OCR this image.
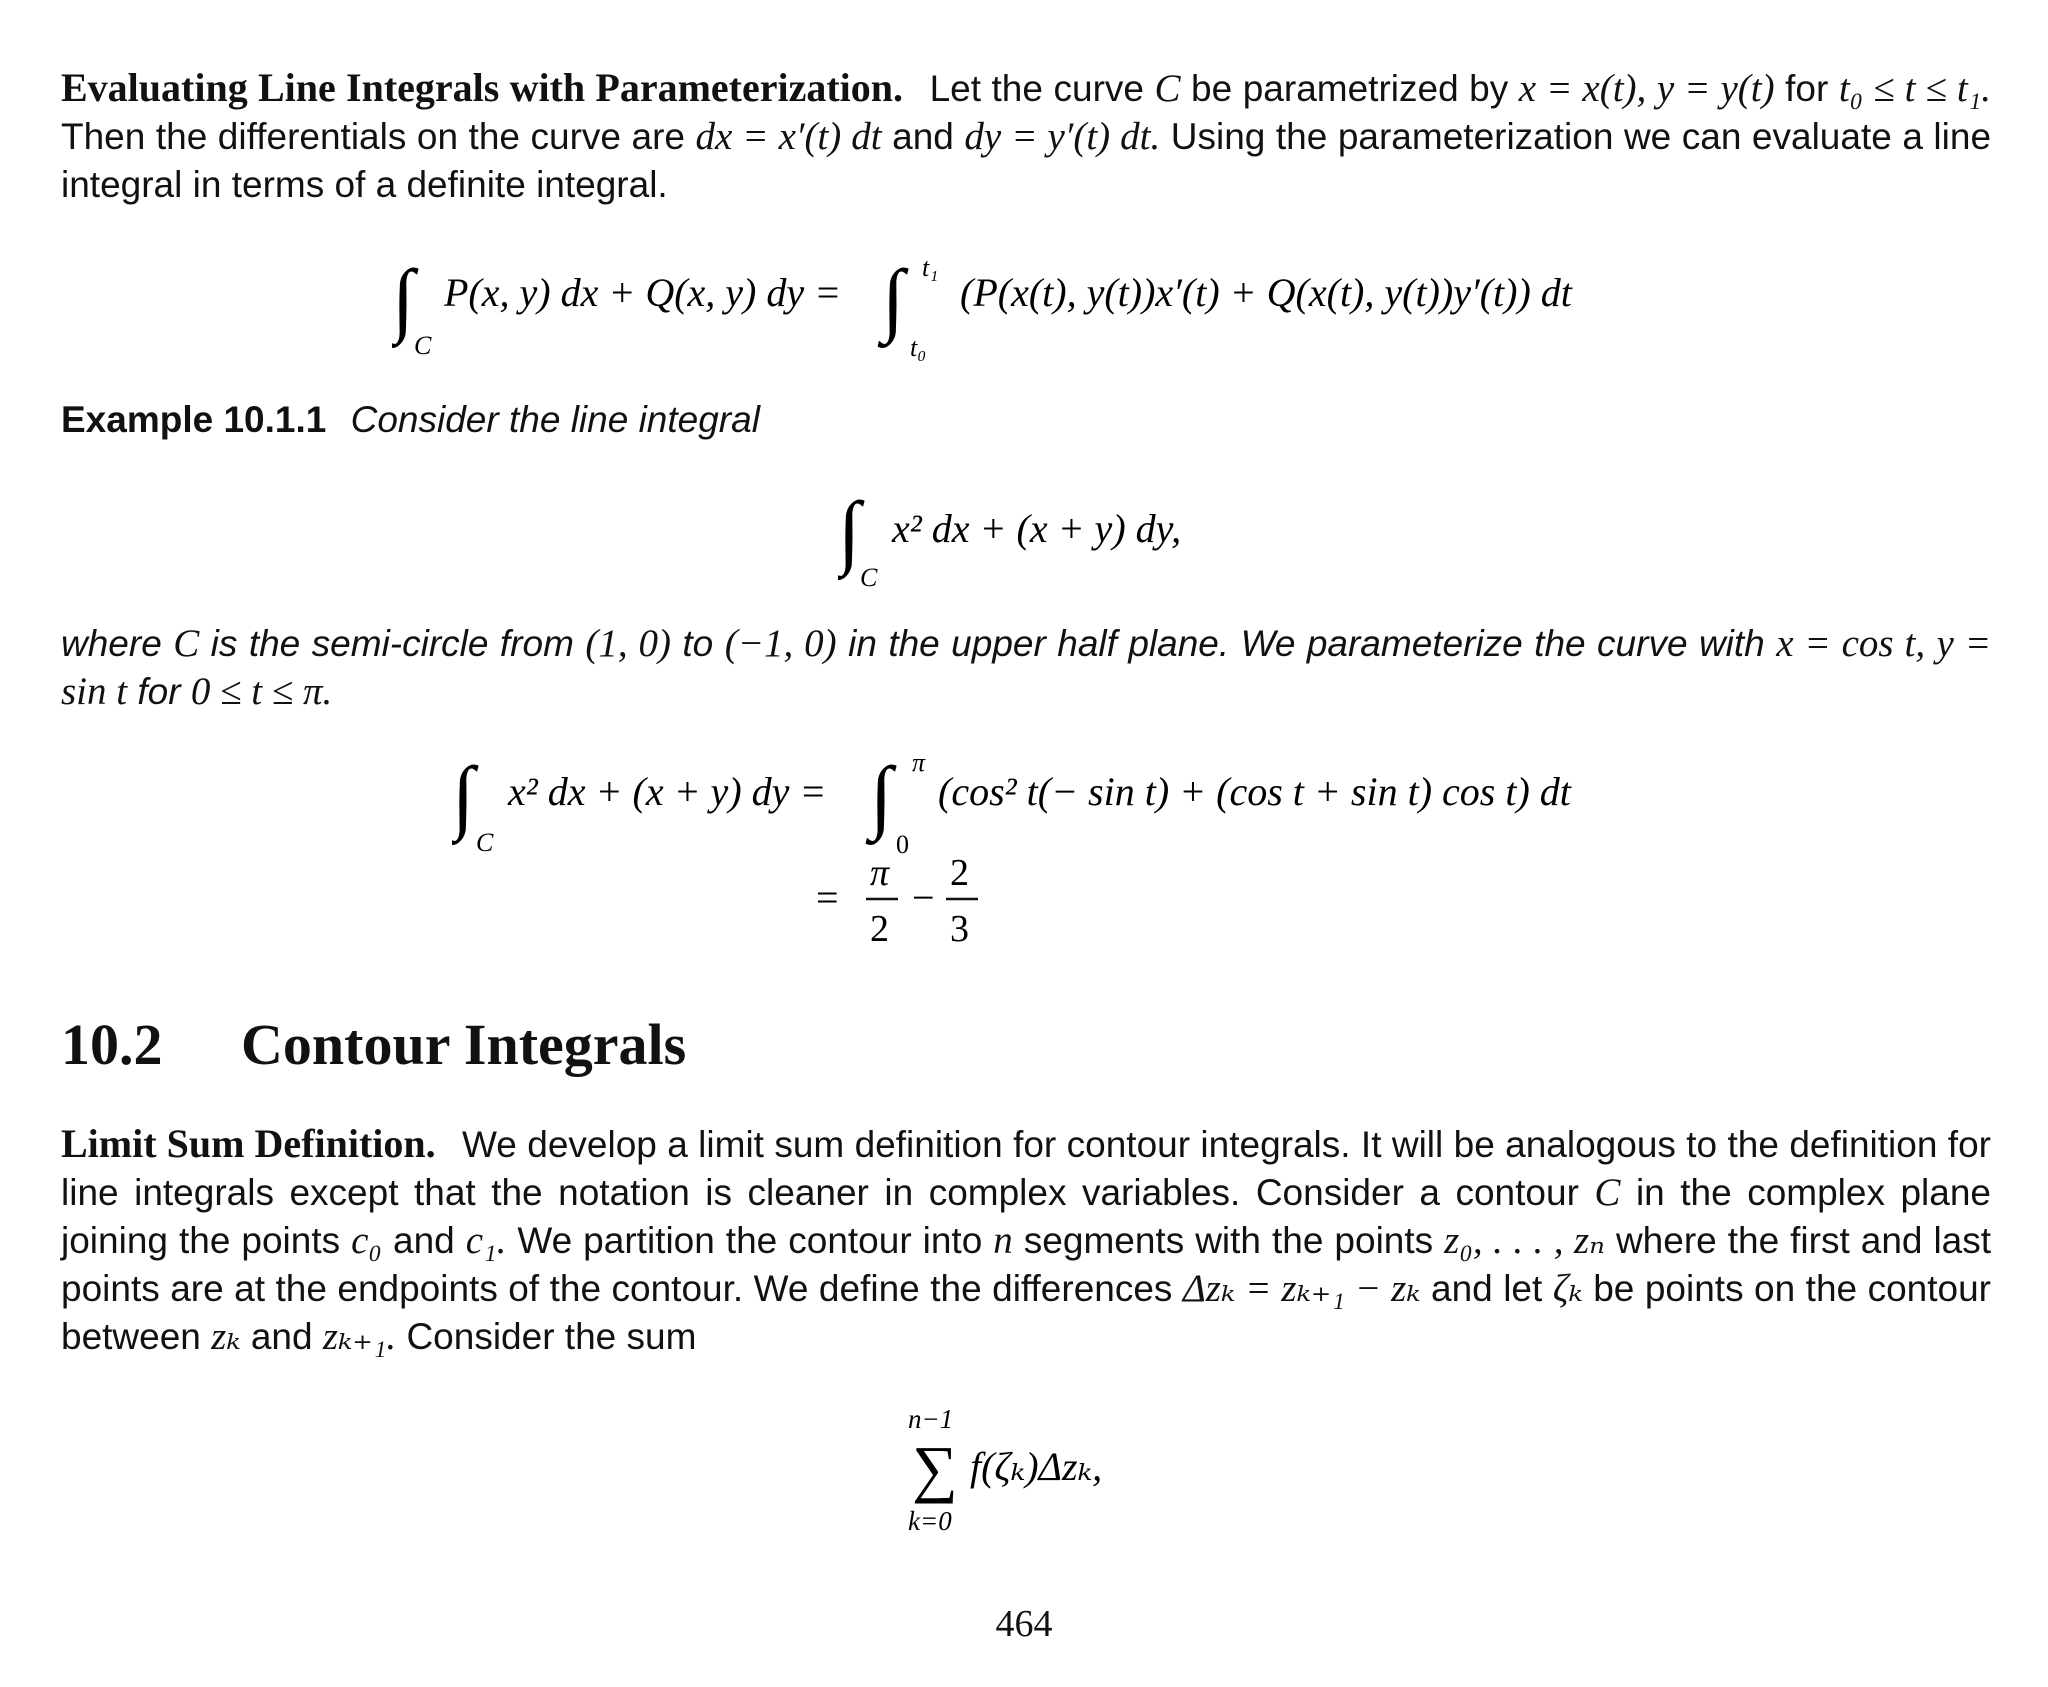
Evaluating Line Integrals with Parameterization. Let the curve C be parametrized by x = x(t), y = y(t) for t₀ ≤ t ≤ t₁. Then the differentials on the curve are dx = x′(t) dt and dy = y′(t) dt. Using the parameterization we can evaluate a line integral in terms of a definite integral.
∫
C
P(x, y) dx + Q(x, y) dy = ∫ t₁
t₀
(P(x(t), y(t))x′(t) + Q(x(t), y(t))y′(t)) dt
Example 10.1.1 Consider the line integral
∫
C
x² dx + (x + y) dy,
where C is the semi-circle from (1, 0) to (−1, 0) in the upper half plane. We parameterize the curve with x = cos t, y = sin t for 0 ≤ t ≤ π.
∫
C
x² dx + (x + y) dy = ∫ π
0
(cos² t(− sin t) + (cos t + sin t) cos t) dt
=
π
2
−
2
3
10.2 Contour Integrals
Limit Sum Definition. We develop a limit sum definition for contour integrals. It will be analogous to the definition for line integrals except that the notation is cleaner in complex variables. Consider a contour C in the complex plane joining the points c₀ and c₁. We partition the contour into n segments with the points z₀, . . . , zₙ where the first and last points are at the endpoints of the contour. We define the differences Δzₖ = zₖ₊₁ − zₖ and let ζₖ be points on the contour between zₖ and zₖ₊₁. Consider the sum
n−1
∑
k=0
f(ζₖ)Δzₖ,
464
